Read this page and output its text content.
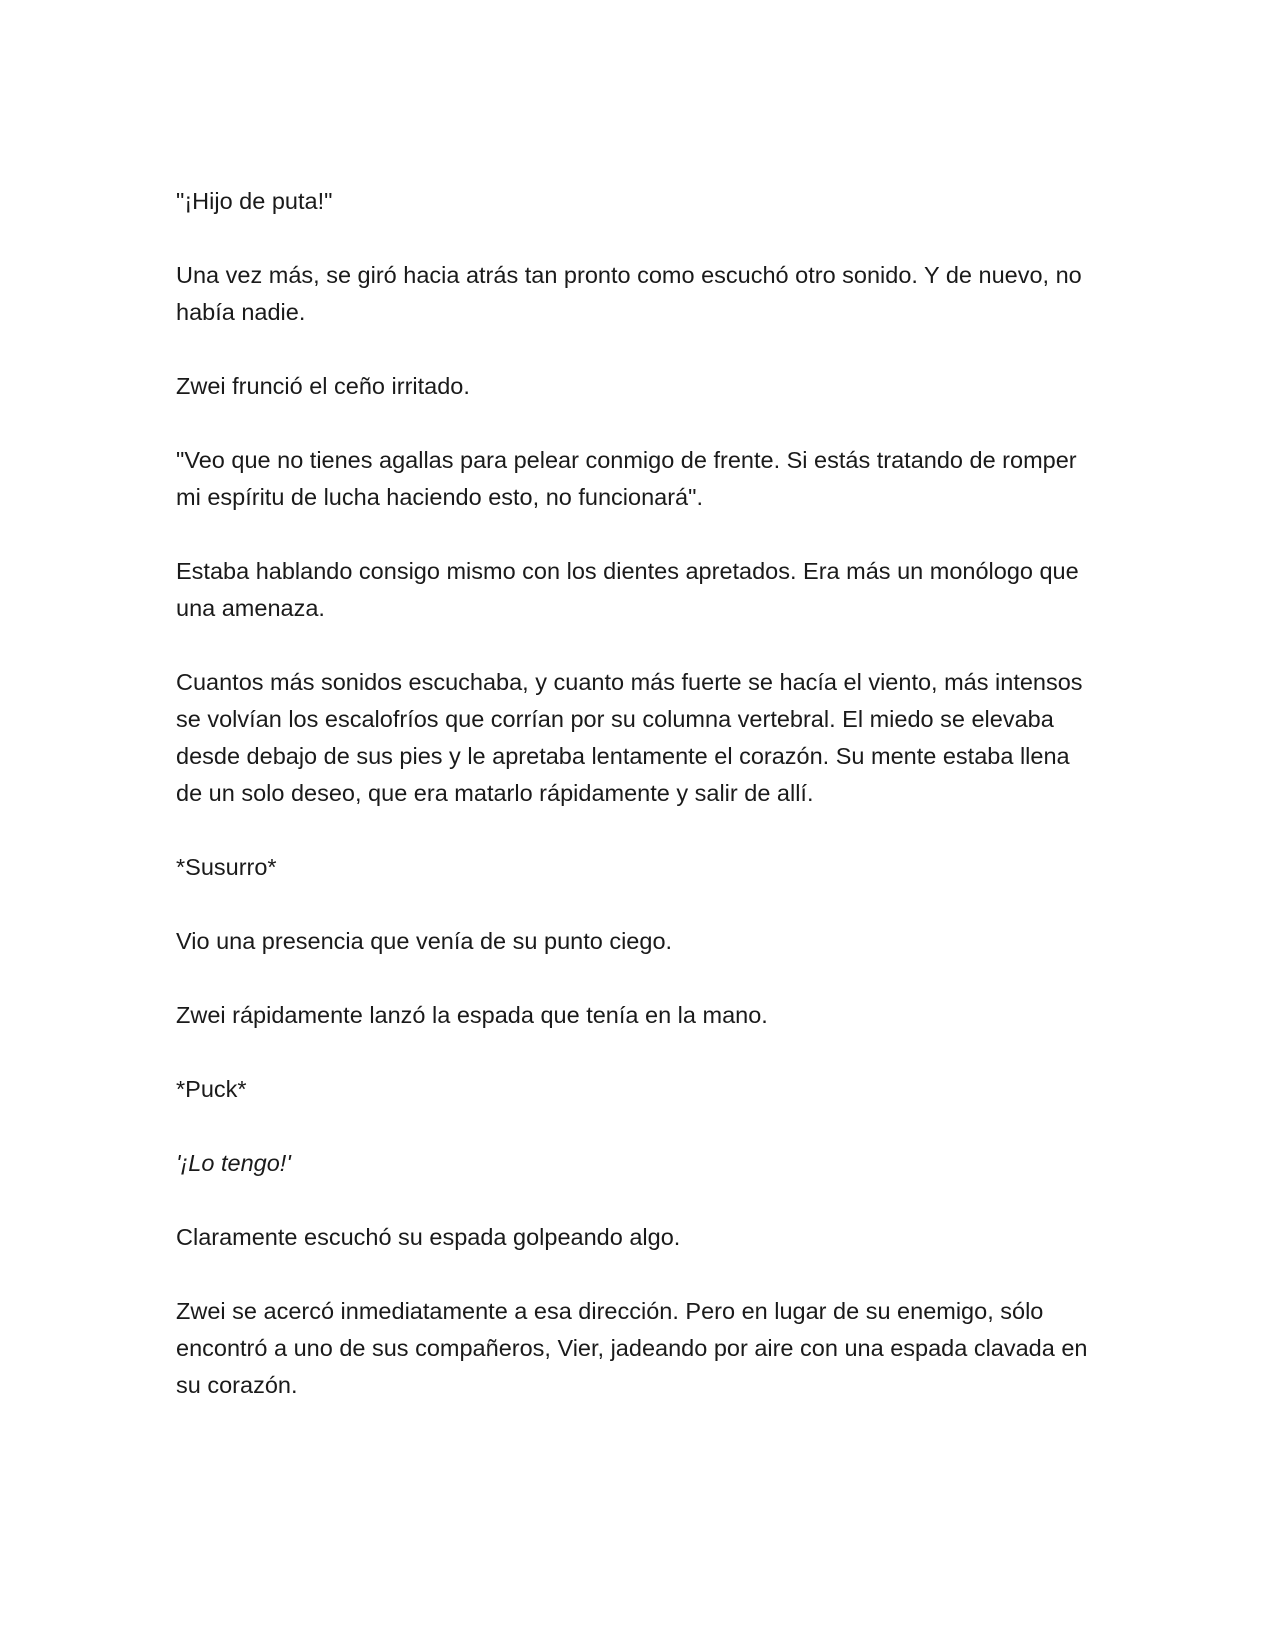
"¡Hijo de puta!"

Una vez más, se giró hacia atrás tan pronto como escuchó otro sonido. Y de nuevo, no había nadie.

Zwei frunció el ceño irritado.

"Veo que no tienes agallas para pelear conmigo de frente. Si estás tratando de romper mi espíritu de lucha haciendo esto, no funcionará".

Estaba hablando consigo mismo con los dientes apretados. Era más un monólogo que una amenaza.

Cuantos más sonidos escuchaba, y cuanto más fuerte se hacía el viento, más intensos se volvían los escalofríos que corrían por su columna vertebral. El miedo se elevaba desde debajo de sus pies y le apretaba lentamente el corazón. Su mente estaba llena de un solo deseo, que era matarlo rápidamente y salir de allí.

*Susurro*

Vio una presencia que venía de su punto ciego.

Zwei rápidamente lanzó la espada que tenía en la mano.

*Puck*

'¡Lo tengo!'

Claramente escuchó su espada golpeando algo.

Zwei se acercó inmediatamente a esa dirección. Pero en lugar de su enemigo, sólo encontró a uno de sus compañeros, Vier, jadeando por aire con una espada clavada en su corazón.
